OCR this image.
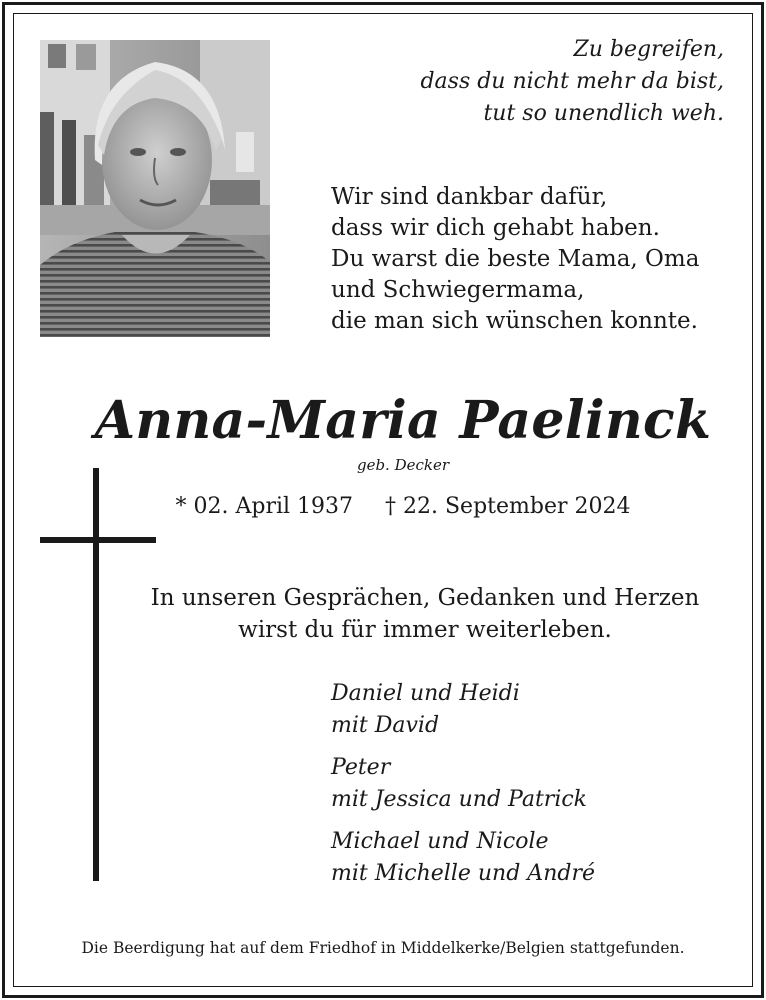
Zu begreifen,
dass du nicht mehr da bist,
tut so unendlich weh.
Wir sind dankbar dafür,
dass wir dich gehabt haben.
Du warst die beste Mama, Oma
und Schwiegermama,
die man sich wünschen konnte.
Anna-Maria Paelinck
geb. Decker
* 02. April 1937 † 22. September 2024
In unseren Gesprächen, Gedanken und Herzen
wirst du für immer weiterleben.
Daniel und Heidi
mit David
Peter
mit Jessica und Patrick
Michael und Nicole
mit Michelle und André
Die Beerdigung hat auf dem Friedhof in Middelkerke/Belgien stattgefunden.
